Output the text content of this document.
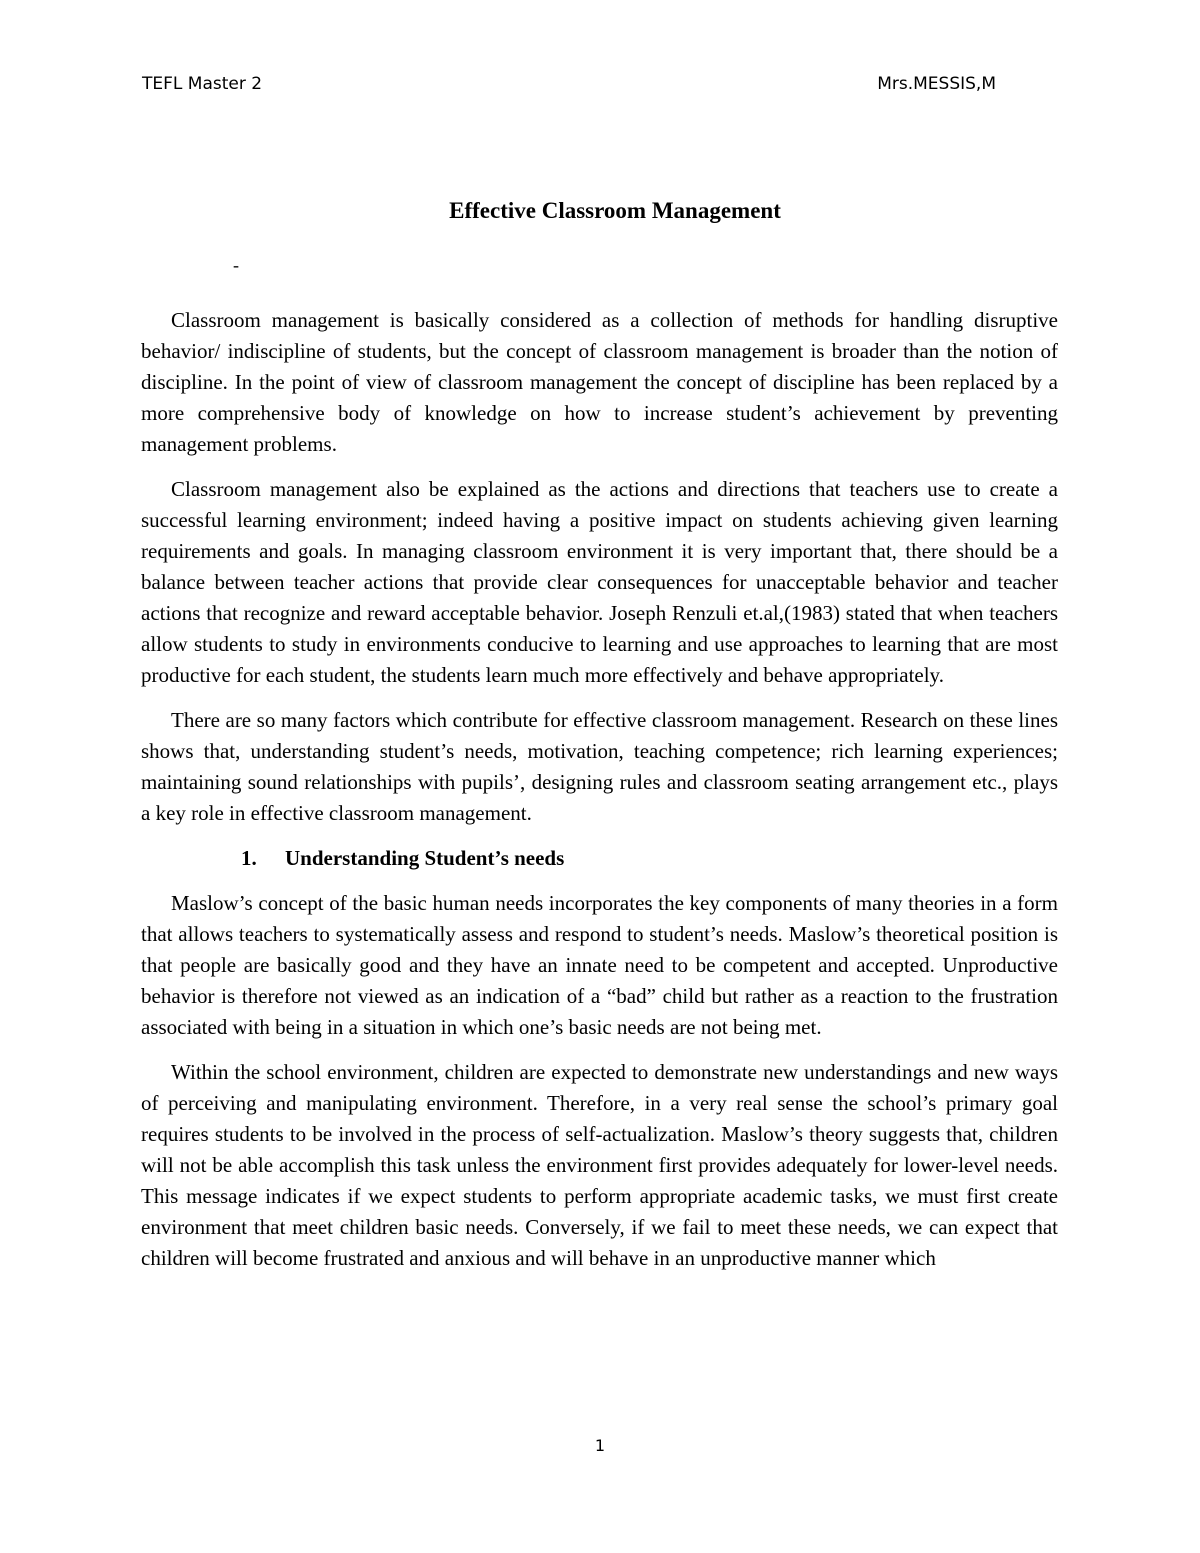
TEFL Master 2	Mrs.MESSIS,M
Effective Classroom Management
-

Classroom management is basically considered as a collection of methods for handling disruptive behavior/ indiscipline of students, but the concept of classroom management is broader than the notion of discipline. In the point of view of classroom management the concept of discipline has been replaced by a more comprehensive body of knowledge on how to increase student’s achievement by preventing management problems.

Classroom management also be explained as the actions and directions that teachers use to create a successful learning environment; indeed having a positive impact on students achieving given learning requirements and goals. In managing classroom environment it is very important that, there should be a balance between teacher actions that provide clear consequences for unacceptable behavior and teacher actions that recognize and reward acceptable behavior. Joseph Renzuli et.al,(1983) stated that when teachers allow students to study in environments conducive to learning and use approaches to learning that are most productive for each student, the students learn much more effectively and behave appropriately.

There are so many factors which contribute for effective classroom management. Research on these lines shows that, understanding student’s needs, motivation, teaching competence; rich learning experiences; maintaining sound relationships with pupils’, designing rules and classroom seating arrangement etc., plays a key role in effective classroom management.

1. Understanding Student’s needs

Maslow’s concept of the basic human needs incorporates the key components of many theories in a form that allows teachers to systematically assess and respond to student’s needs. Maslow’s theoretical position is that people are basically good and they have an innate need to be competent and accepted. Unproductive behavior is therefore not viewed as an indication of a “bad” child but rather as a reaction to the frustration associated with being in a situation in which one’s basic needs are not being met.

Within the school environment, children are expected to demonstrate new understandings and new ways of perceiving and manipulating environment. Therefore, in a very real sense the school’s primary goal requires students to be involved in the process of self-actualization. Maslow’s theory suggests that, children will not be able accomplish this task unless the environment first provides adequately for lower-level needs. This message indicates if we expect students to perform appropriate academic tasks, we must first create environment that meet children basic needs. Conversely, if we fail to meet these needs, we can expect that children will become frustrated and anxious and will behave in an unproductive manner which

1
